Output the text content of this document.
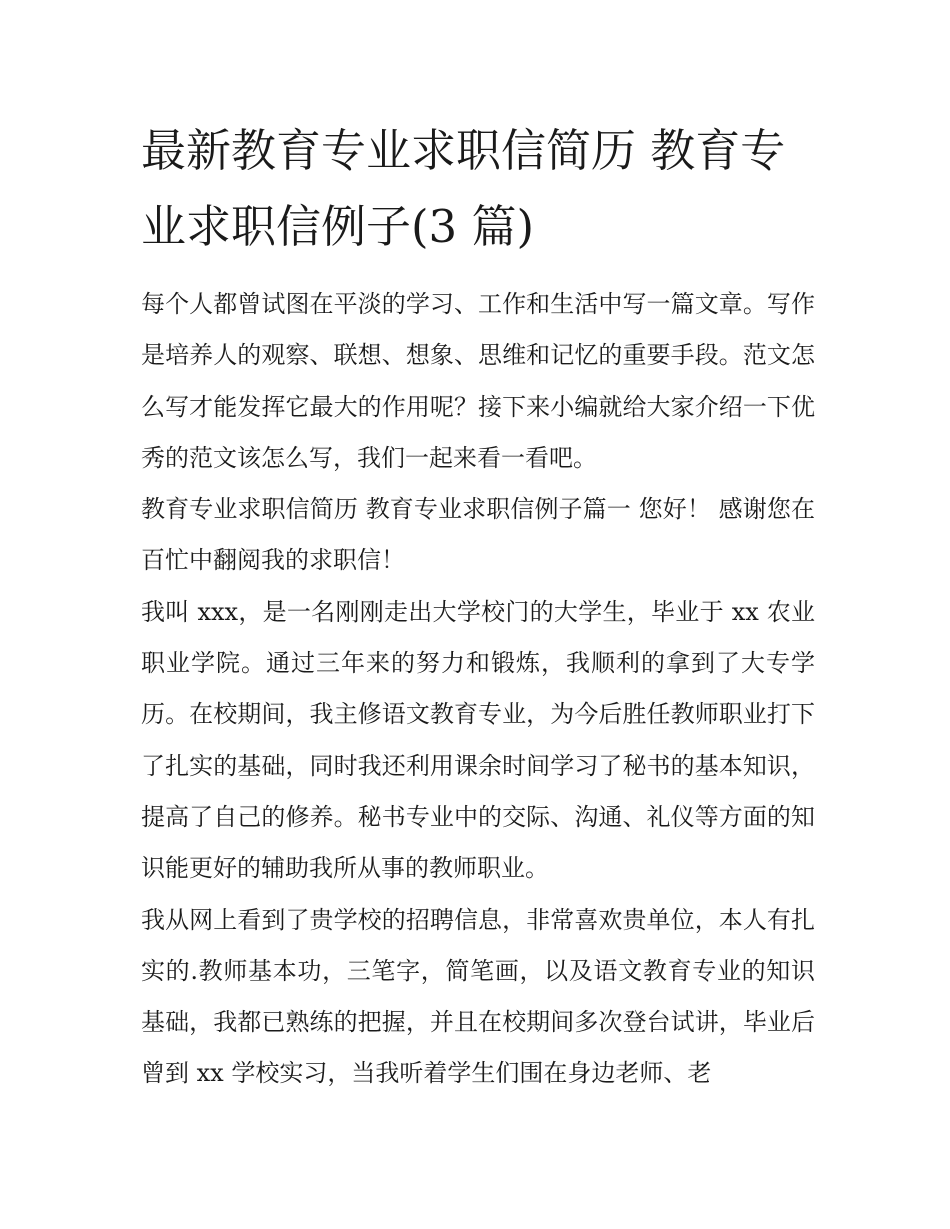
最新教育专业求职信简历 教育专业求职信例子(3 篇)

每个人都曾试图在平淡的学习、工作和生活中写一篇文章。写作是培养人的观察、联想、想象、思维和记忆的重要手段。范文怎么写才能发挥它最大的作用呢？接下来小编就给大家介绍一下优秀的范文该怎么写，我们一起来看一看吧。

教育专业求职信简历 教育专业求职信例子篇一 您好！ 感谢您在百忙中翻阅我的求职信！

我叫 xxx，是一名刚刚走出大学校门的大学生，毕业于 xx 农业职业学院。通过三年来的努力和锻炼，我顺利的拿到了大专学历。在校期间，我主修语文教育专业，为今后胜任教师职业打下了扎实的基础，同时我还利用课余时间学习了秘书的基本知识，提高了自己的修养。秘书专业中的交际、沟通、礼仪等方面的知识能更好的辅助我所从事的教师职业。

我从网上看到了贵学校的招聘信息，非常喜欢贵单位，本人有扎实的.教师基本功，三笔字，简笔画，以及语文教育专业的知识基础，我都已熟练的把握，并且在校期间多次登台试讲，毕业后曾到 xx 学校实习，当我听着学生们围在身边老师、老
